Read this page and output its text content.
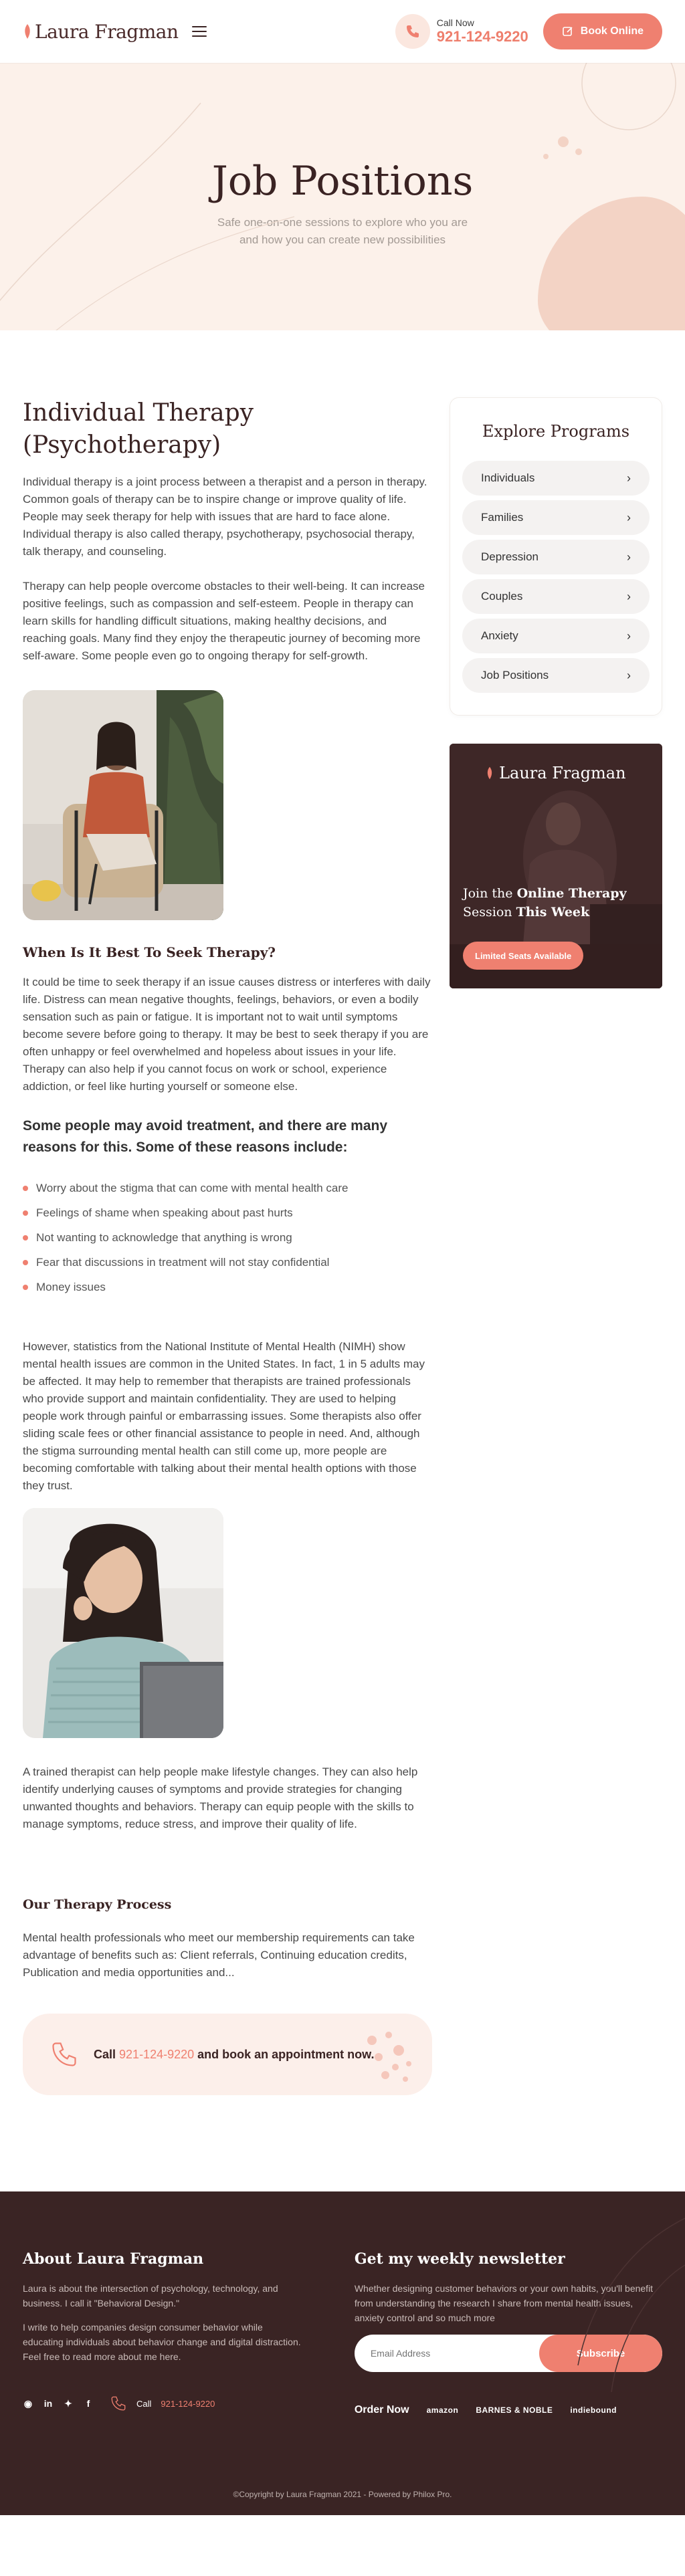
Laura Fragman	Call Now
921-124-9220	Book Online
Job Positions

Safe one-on-one sessions to explore who you are
and how you can create new possibilities

Individual Therapy
(Psychotherapy)

Individual therapy is a joint process between a therapist and a person in therapy. Common goals of therapy can be to inspire change or improve quality of life. People may seek therapy for help with issues that are hard to face alone. Individual therapy is also called therapy, psychotherapy, psychosocial therapy, talk therapy, and counseling.

Therapy can help people overcome obstacles to their well-being. It can increase positive feelings, such as compassion and self-esteem. People in therapy can learn skills for handling difficult situations, making healthy decisions, and reaching goals. Many find they enjoy the therapeutic journey of becoming more self-aware. Some people even go to ongoing therapy for self-growth.

When Is It Best To Seek Therapy?

It could be time to seek therapy if an issue causes distress or interferes with daily life. Distress can mean negative thoughts, feelings, behaviors, or even a bodily sensation such as pain or fatigue. It is important not to wait until symptoms become severe before going to therapy. It may be best to seek therapy if you are often unhappy or feel overwhelmed and hopeless about issues in your life. Therapy can also help if you cannot focus on work or school, experience addiction, or feel like hurting yourself or someone else.

Some people may avoid treatment, and there are many reasons for this. Some of these reasons include:
Worry about the stigma that can come with mental health care
Feelings of shame when speaking about past hurts
Not wanting to acknowledge that anything is wrong
Fear that discussions in treatment will not stay confidential
Money issues

However, statistics from the National Institute of Mental Health (NIMH) show mental health issues are common in the United States. In fact, 1 in 5 adults may be affected. It may help to remember that therapists are trained professionals who provide support and maintain confidentiality. They are used to helping people work through painful or embarrassing issues. Some therapists also offer sliding scale fees or other financial assistance to people in need. And, although the stigma surrounding mental health can still come up, more people are becoming comfortable with talking about their mental health options with those they trust.

A trained therapist can help people make lifestyle changes. They can also help identify underlying causes of symptoms and provide strategies for changing unwanted thoughts and behaviors. Therapy can equip people with the skills to manage symptoms, reduce stress, and improve their quality of life.

Our Therapy Process

Mental health professionals who meet our membership requirements can take advantage of benefits such as: Client referrals, Continuing education credits, Publication and media opportunities and...

Call 921-124-9220 and book an appointment now.
Explore Programs
Individuals	›
Families	›
Depression	›
Couples	›
Anxiety	›
Job Positions	›
Laura Fragman
Join the Online Therapy
Session This Week
Limited Seats Available
About Laura Fragman

Laura is about the intersection of psychology, technology, and business. I call it "Behavioral Design."

I write to help companies design consumer behavior while educating individuals about behavior change and digital distraction. Feel free to read more about me here.

◉ in ✦	f	Call 921-124-9220
Get my weekly newsletter

Whether designing customer behaviors or your own habits, you'll benefit from understanding the research I share from mental health issues, anxiety control and so much more

Email Address
Subscribe
Order Now amazon BARNES & NOBLE indiebound
©Copyright by Laura Fragman 2021 - Powered by Philox Pro.
